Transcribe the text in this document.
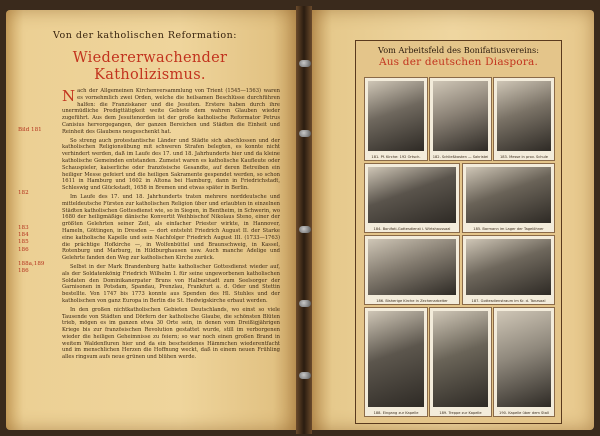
Von der katholischen Reformation:
Wiedererwachender
Katholizismus.

Nach der Allgemeinen Kirchenversammlung von Trient (1545—1563) waren es vornehmlich zwei Orden, welche die heilsamen Beschlüsse durchführen halfen: die Franziskaner und die Jesuiten. Erstere haben durch ihre unermüdliche Predigttätigkeit weite Gebiete dem wahren Glauben wieder zugeführt. Aus dem Jesuitenorden ist der große katholische Reformator Petrus Canisius hervorgegangen, der ganzen Bereichen und Städten die Einheit und Reinheit des Glaubens neugeschenkt hat.

So streng auch protestantische Länder und Städte sich abschlossen und der katholischen Religionsübung mit schweren Strafen belegten, es konnte nicht verhindert werden, daß im Laufe des 17. und 18. Jahrhunderts hier und da kleine katholische Gemeinden entstanden. Zumeist waren es katholische Kaufleute oder Schauspieler, kaiserliche oder französische Gesandte, auf deren Betreiben ein heiliger Messe gefeiert und die heiligen Sakramente gespendet werden, so schon 1611 in Hamburg und 1602 in Altona bei Hamburg, dann in Friedrichstadt, Schleswig und Glückstadt, 1658 in Bremen und etwas später in Berlin.

Im Laufe des 17. und 18. Jahrhunderts traten mehrere norddeutsche und mitteldeutsche Fürsten zur katholischen Religion über und erlaubten in einzelnen Städten katholischen Gottesdienst wie, so in Siegen, in Bentheim, in Schwerin, wo 1680 der heiligmäßige dänische Konvertit Weihbischof Nikolaus Steno, einer der größten Gelehrten seiner Zeit, als einfacher Priester wirkte, in Hannover, Hameln, Göttingen, in Dresden — dort entsteht Friedrich August II. der Starke eine katholische Kapelle und sein Nachfolger Friedrich August III. (1733—1763) die prächtige Hofkirche —, in Wolfenbüttel und Braunschweig, in Kassel, Rotenburg und Marburg, in Hildburghausen usw. Auch manche Adelige und Gelehrte fanden den Weg zur katholischen Kirche zurück.

Selbst in der Mark Brandenburg hatte katholischer Gottesdienst wieder auf, als der Soldatenkönig Friedrich Wilhelm I. für seine ungeworbenen katholischen Soldaten den Dominikanerpater Bruns von Halberstadt zum Seelsorger der Garnisonen in Potsdam, Spandau, Prenzlau, Frankfurt a. d. Oder und Stettin bestellte. Von 1747 bis 1773 konnte aus Spenden des Hl. Stuhles und der katholischen von ganz Europa in Berlin die St. Hedwigskirche erbaut werden.

In den großen nichtkatholischen Gebieten Deutschlands, wo einst so viele Tausende von Städten und Dörfern der katholische Glaube, die schönsten Blüten trieb, mögen es im ganzen etwa 30 Orte sein, in denen vom Dreißigjährigen Kriege bis zur französischen Revolution gestattet wurde, still im verborgenen wieder die heiligen Geheimnisse zu feiern; so war noch einen großen Brand in weitem Waldenfluren hier und da ein bescheidenes Hämmchen wiederentfacht und im menschlichen Herzen die Hoffnung weckt, daß in einem neuen Frühling alles ringsum aufs neue grünen und blühen werde.

Bild 181
182
183
184
185
186
188a,189
186
Vom Arbeitsfeld des Bonifatiusvereins:
Aus der deutschen Diaspora.
181. Pf. Kirche: 192 Ortsch.	182. Schließkasten — Sakristei	183. Messe in prov. Schule
184. Bonifati-Gottesdienst i. Wirtshaussaal	185. Barmann im Lager der Tagelöhner
186. Bisherige Kirche in Zechenarbeiter	187. Gottesdienstraum im Kr. d. Tanzsaal
188. Eingang zur Kapelle	189. Treppe zur Kapelle	190. Kapelle über dem Stall
